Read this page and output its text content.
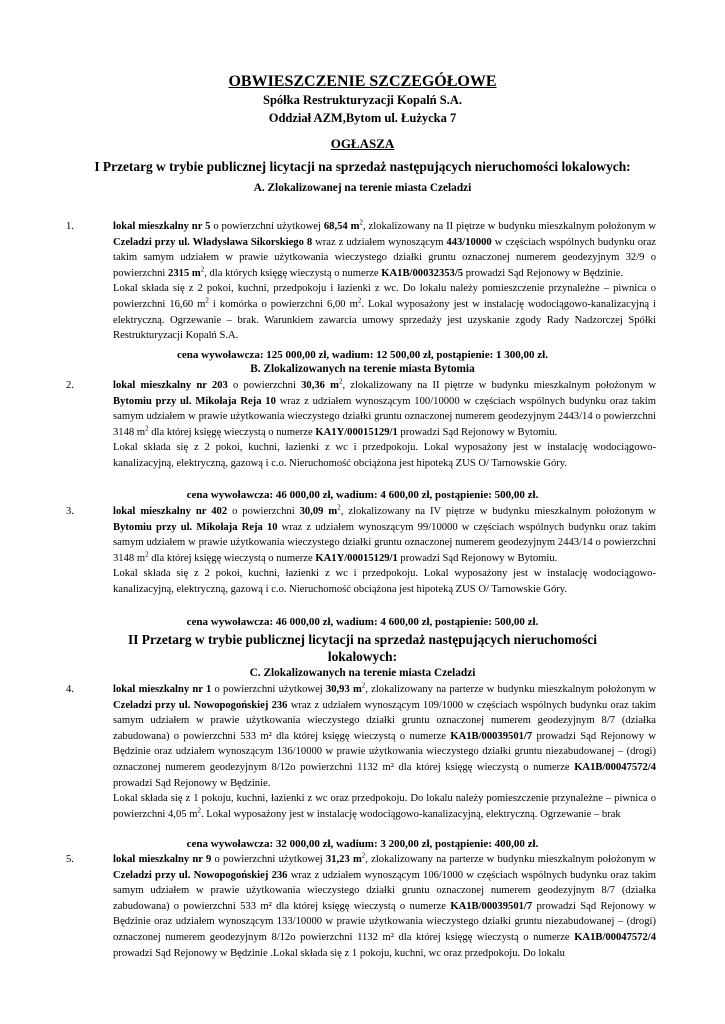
OBWIESZCZENIE SZCZEGÓŁOWE
Spółka Restrukturyzacji Kopalń S.A.
Oddział AZM,Bytom ul. Łużycka 7
OGŁASZA
I Przetarg w trybie publicznej licytacji na sprzedaż następujących nieruchomości lokalowych:
A. Zlokalizowanej na terenie miasta Czeladzi
1.	lokal mieszkalny nr 5 o powierzchni użytkowej 68,54 $m^2$, zlokalizowany na II piętrze w budynku mieszkalnym położonym w Czeladzi przy ul. Władysława Sikorskiego 8 wraz z udziałem wynoszącym 443/10000 w częściach wspólnych budynku oraz takim samym udziałem w prawie użytkowania wieczystego działki gruntu oznaczonej numerem geodezyjnym 32/9 o powierzchni 2315 $m^2$, dla których księgę wieczystą o numerze KA1B/00032353/5 prowadzi Sąd Rejonowy w Będzinie.

Lokal składa się z 2 pokoi, kuchni, przedpokoju i łazienki z wc. Do lokalu należy pomieszczenie przynależne – piwnica o powierzchni 16,60 $m^2$ i komórka o powierzchni 6,00 $m^2$. Lokal wyposażony jest w instalację wodociągowo-kanalizacyjną i elektryczną. Ogrzewanie – brak. Warunkiem zawarcia umowy sprzedaży jest uzyskanie zgody Rady Nadzorczej Spółki Restrukturyzacji Kopalń S.A.

cena wywoławcza: 125 000,00 zł, wadium: 12 500,00 zł, postąpienie: 1 300,00 zł.
B. Zlokalizowanych na terenie miasta Bytomia
2.	lokal mieszkalny nr 203 o powierzchni 30,36 $m^2$, zlokalizowany na II piętrze w budynku mieszkalnym położonym w Bytomiu przy ul. Mikołaja Reja 10 wraz z udziałem wynoszącym 100/10000 w częściach wspólnych budynku oraz takim samym udziałem w prawie użytkowania wieczystego działki gruntu oznaczonej numerem geodezyjnym 2443/14 o powierzchni 3148 $m^2$ dla której księgę wieczystą o numerze KA1Y/00015129/1 prowadzi Sąd Rejonowy w Bytomiu.

Lokal składa się z 2 pokoi, kuchni, łazienki z wc i przedpokoju. Lokal wyposażony jest w instalację wodociągowo-kanalizacyjną, elektryczną, gazową i c.o. Nieruchomość obciążona jest hipoteką ZUS O/ Tarnowskie Góry.

cena wywoławcza: 46 000,00 zł, wadium: 4 600,00 zł, postąpienie: 500,00 zł.
3.	lokal mieszkalny nr 402 o powierzchni 30,09 $m^2$, zlokalizowany na IV piętrze w budynku mieszkalnym położonym w Bytomiu przy ul. Mikołaja Reja 10 wraz z udziałem wynoszącym 99/10000 w częściach wspólnych budynku oraz takim samym udziałem w prawie użytkowania wieczystego działki gruntu oznaczonej numerem geodezyjnym 2443/14 o powierzchni 3148 $m^2$ dla której księgę wieczystą o numerze KA1Y/00015129/1 prowadzi Sąd Rejonowy w Bytomiu.

Lokal składa się z 2 pokoi, kuchni, łazienki z wc i przedpokoju. Lokal wyposażony jest w instalację wodociągowo-kanalizacyjną, elektryczną, gazową i c.o. Nieruchomość obciążona jest hipoteką ZUS O/ Tarnowskie Góry.

cena wywoławcza: 46 000,00 zł, wadium: 4 600,00 zł, postąpienie: 500,00 zł.
II Przetarg w trybie publicznej licytacji na sprzedaż następujących nieruchomości
lokalowych:
C. Zlokalizowanych na terenie miasta Czeladzi
4.	lokal mieszkalny nr 1 o powierzchni użytkowej 30,93 $m^2$, zlokalizowany na parterze w budynku mieszkalnym położonym w Czeladzi przy ul. Nowopogońskiej 236 wraz z udziałem wynoszącym 109/1000 w częściach wspólnych budynku oraz takim samym udziałem w prawie użytkowania wieczystego działki gruntu oznaczonej numerem geodezyjnym 8/7 (działka zabudowana) o powierzchni 533 m² dla której księgę wieczystą o numerze KA1B/00039501/7 prowadzi Sąd Rejonowy w Będzinie oraz udziałem wynoszącym 136/10000 w prawie użytkowania wieczystego działki gruntu niezabudowanej – (drogi) oznaczonej numerem geodezyjnym 8/12o powierzchni 1132 m² dla której księgę wieczystą o numerze KA1B/00047572/4 prowadzi Sąd Rejonowy w Będzinie.

Lokal składa się z 1 pokoju, kuchni, łazienki z wc oraz przedpokoju. Do lokalu należy pomieszczenie przynależne – piwnica o powierzchni 4,05 $m^2$. Lokal wyposażony jest w instalację wodociągowo-kanalizacyjną, elektryczną. Ogrzewanie – brak

cena wywoławcza: 32 000,00 zł, wadium: 3 200,00 zł, postąpienie: 400,00 zł.
5.	lokal mieszkalny nr 9 o powierzchni użytkowej 31,23 $m^2$, zlokalizowany na parterze w budynku mieszkalnym położonym w Czeladzi przy ul. Nowopogońskiej 236 wraz z udziałem wynoszącym 106/1000 w częściach wspólnych budynku oraz takim samym udziałem w prawie użytkowania wieczystego działki gruntu oznaczonej numerem geodezyjnym 8/7 (działka zabudowana) o powierzchni 533 m² dla której księgę wieczystą o numerze KA1B/00039501/7 prowadzi Sąd Rejonowy w Będzinie oraz udziałem wynoszącym 133/10000 w prawie użytkowania wieczystego działki gruntu niezabudowanej – (drogi) oznaczonej numerem geodezyjnym 8/12o powierzchni 1132 m² dla której księgę wieczystą o numerze KA1B/00047572/4 prowadzi Sąd Rejonowy w Będzinie .Lokal składa się z 1 pokoju, kuchni, wc oraz przedpokoju. Do lokalu
